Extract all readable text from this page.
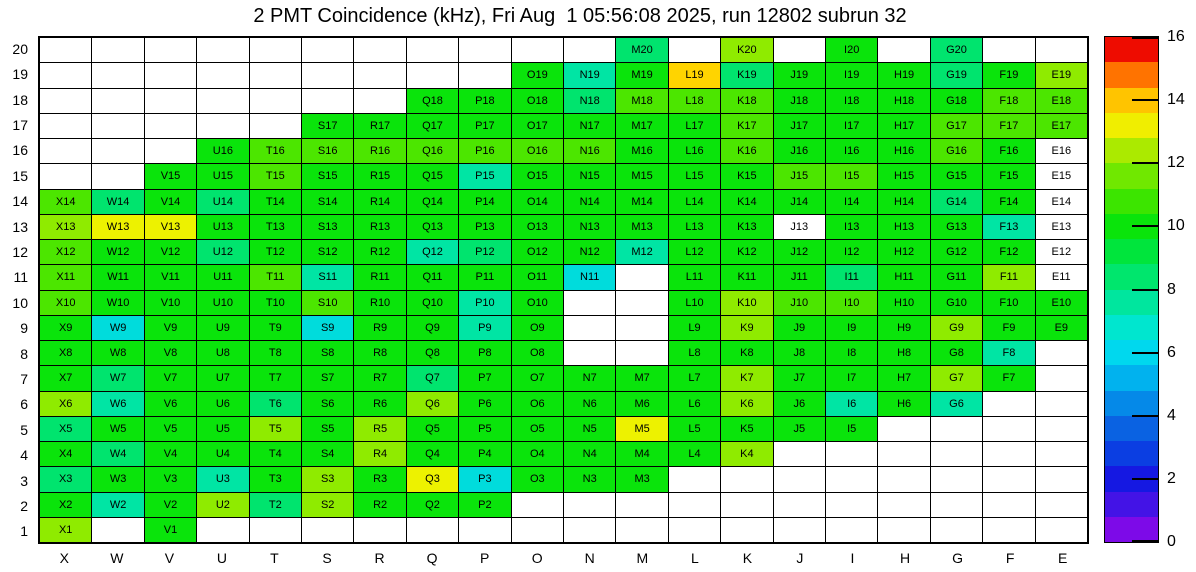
2 PMT Coincidence (kHz), Fri Aug  1 05:56:08 2025, run 12802 subrun 32
20
19
18
17
16
15
14
13
12
11
10
9
8
7
6
5
4
3
2
1
M20	K20	I20	G20
O19	N19	M19	L19	K19	J19	I19	H19	G19	F19	E19
Q18	P18	O18	N18	M18	L18	K18	J18	I18	H18	G18	F18	E18
S17	R17	Q17	P17	O17	N17	M17	L17	K17	J17	I17	H17	G17	F17	E17
U16	T16	S16	R16	Q16	P16	O16	N16	M16	L16	K16	J16	I16	H16	G16	F16	E16
V15	U15	T15	S15	R15	Q15	P15	O15	N15	M15	L15	K15	J15	I15	H15	G15	F15	E15
X14	W14	V14	U14	T14	S14	R14	Q14	P14	O14	N14	M14	L14	K14	J14	I14	H14	G14	F14	E14
X13	W13	V13	U13	T13	S13	R13	Q13	P13	O13	N13	M13	L13	K13	J13	I13	H13	G13	F13	E13
X12	W12	V12	U12	T12	S12	R12	Q12	P12	O12	N12	M12	L12	K12	J12	I12	H12	G12	F12	E12
X11	W11	V11	U11	T11	S11	R11	Q11	P11	O11	N11	L11	K11	J11	I11	H11	G11	F11	E11
X10	W10	V10	U10	T10	S10	R10	Q10	P10	O10	L10	K10	J10	I10	H10	G10	F10	E10
X9	W9	V9	U9	T9	S9	R9	Q9	P9	O9	L9	K9	J9	I9	H9	G9	F9	E9
X8	W8	V8	U8	T8	S8	R8	Q8	P8	O8	L8	K8	J8	I8	H8	G8	F8
X7	W7	V7	U7	T7	S7	R7	Q7	P7	O7	N7	M7	L7	K7	J7	I7	H7	G7	F7
X6	W6	V6	U6	T6	S6	R6	Q6	P6	O6	N6	M6	L6	K6	J6	I6	H6	G6
X5	W5	V5	U5	T5	S5	R5	Q5	P5	O5	N5	M5	L5	K5	J5	I5
X4	W4	V4	U4	T4	S4	R4	Q4	P4	O4	N4	M4	L4	K4
X3	W3	V3	U3	T3	S3	R3	Q3	P3	O3	N3	M3
X2	W2	V2	U2	T2	S2	R2	Q2	P2
X1	V1
X	W	V	U	T	S	R	Q	P	O	N	M	L	K	J	I	H	G	F	E
0
2
4
6
8
10
12
14
16
